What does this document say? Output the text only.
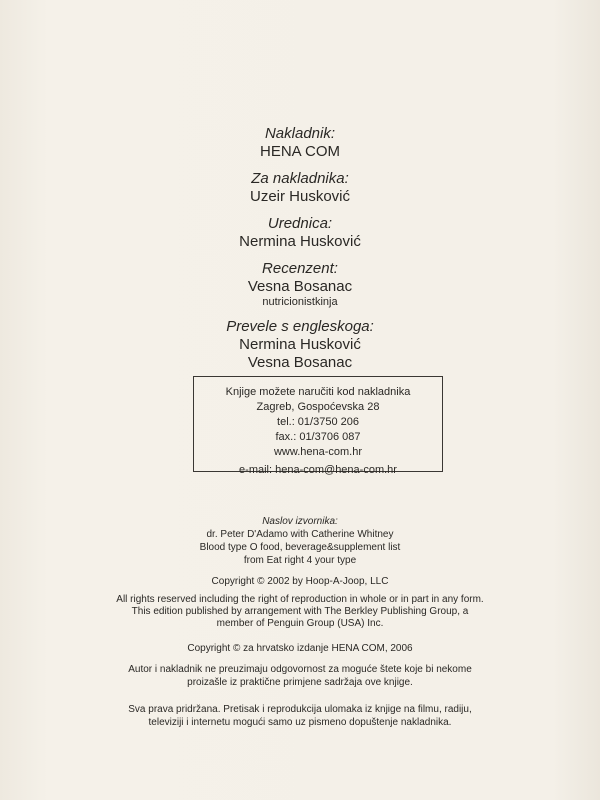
Nakladnik:
HENA COM
Za nakladnika:
Uzeir Husković
Urednica:
Nermina Husković
Recenzent:
Vesna Bosanac
nutricionistkinja
Prevele s engleskoga:
Nermina Husković
Vesna Bosanac
Knjige možete naručiti kod nakladnika
Zagreb, Gospoćevska 28
tel.: 01/3750 206
fax.: 01/3706 087
www.hena-com.hr
e-mail: hena-com@hena-com.hr
Naslov izvornika:
dr. Peter D'Adamo with Catherine Whitney
Blood type O food, beverage&supplement list
from Eat right 4 your type
Copyright © 2002 by Hoop-A-Joop, LLC

All rights reserved including the right of reproduction in whole or in part in any form.

This edition published by arrangement with The Berkley Publishing Group, a

member of Penguin Group (USA) Inc.

Copyright © za hrvatsko izdanje HENA COM, 2006

Autor i nakladnik ne preuzimaju odgovornost za moguće štete koje bi nekome

proizašle iz praktične primjene sadržaja ove knjige.

Sva prava pridržana. Pretisak i reprodukcija ulomaka iz knjige na filmu, radiju,

televiziji i internetu mogući samo uz pismeno dopuštenje nakladnika.
